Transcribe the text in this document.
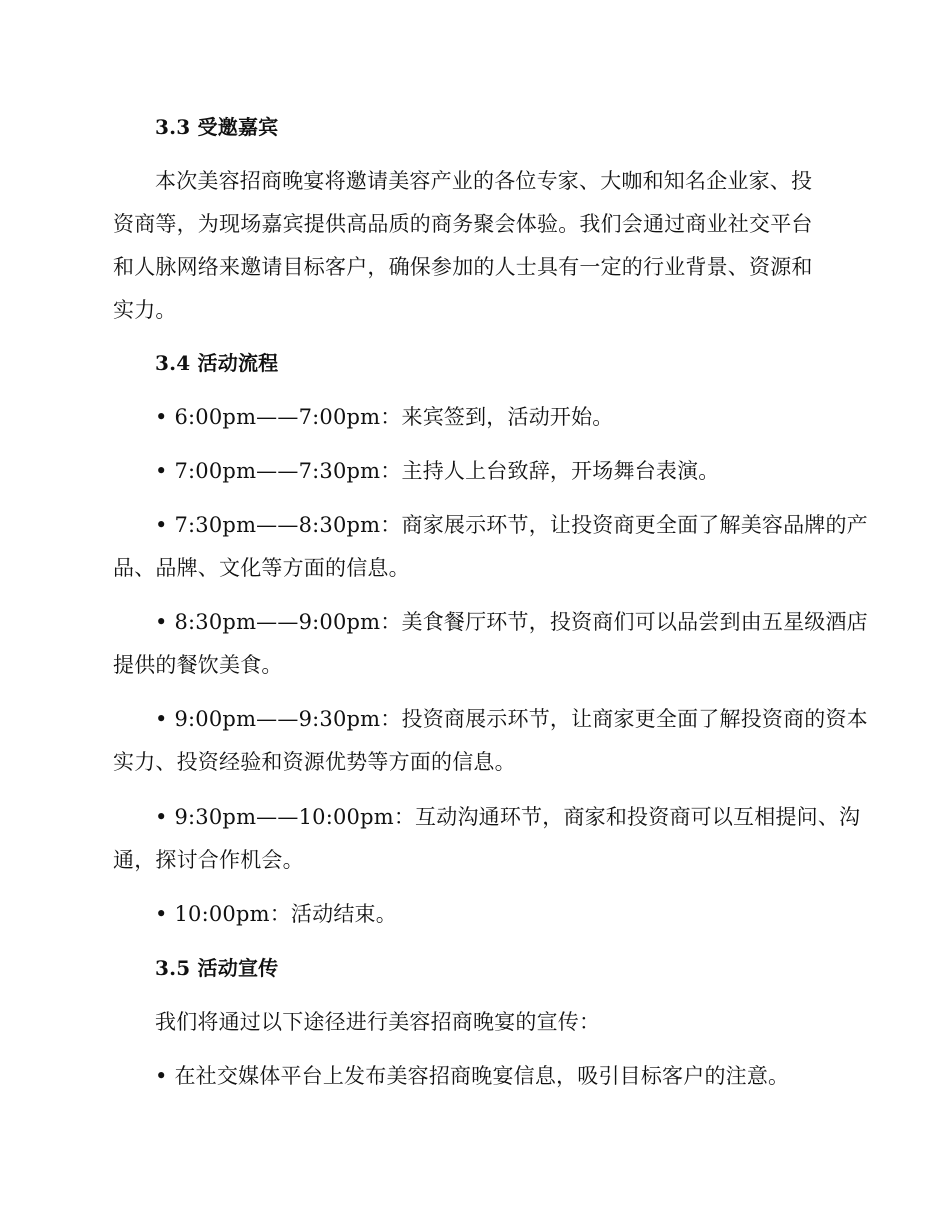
3.3 受邀嘉宾
本次美容招商晚宴将邀请美容产业的各位专家、大咖和知名企业家、投
资商等，为现场嘉宾提供高品质的商务聚会体验。我们会通过商业社交平台
和人脉网络来邀请目标客户，确保参加的人士具有一定的行业背景、资源和
实力。
3.4 活动流程
• 6:00pm——7:00pm：来宾签到，活动开始。
• 7:00pm——7:30pm：主持人上台致辞，开场舞台表演。
• 7:30pm——8:30pm：商家展示环节，让投资商更全面了解美容品牌的产
品、品牌、文化等方面的信息。
• 8:30pm——9:00pm：美食餐厅环节，投资商们可以品尝到由五星级酒店
提供的餐饮美食。
• 9:00pm——9:30pm：投资商展示环节，让商家更全面了解投资商的资本
实力、投资经验和资源优势等方面的信息。
• 9:30pm——10:00pm：互动沟通环节，商家和投资商可以互相提问、沟
通，探讨合作机会。
• 10:00pm：活动结束。
3.5 活动宣传
我们将通过以下途径进行美容招商晚宴的宣传：
• 在社交媒体平台上发布美容招商晚宴信息，吸引目标客户的注意。
